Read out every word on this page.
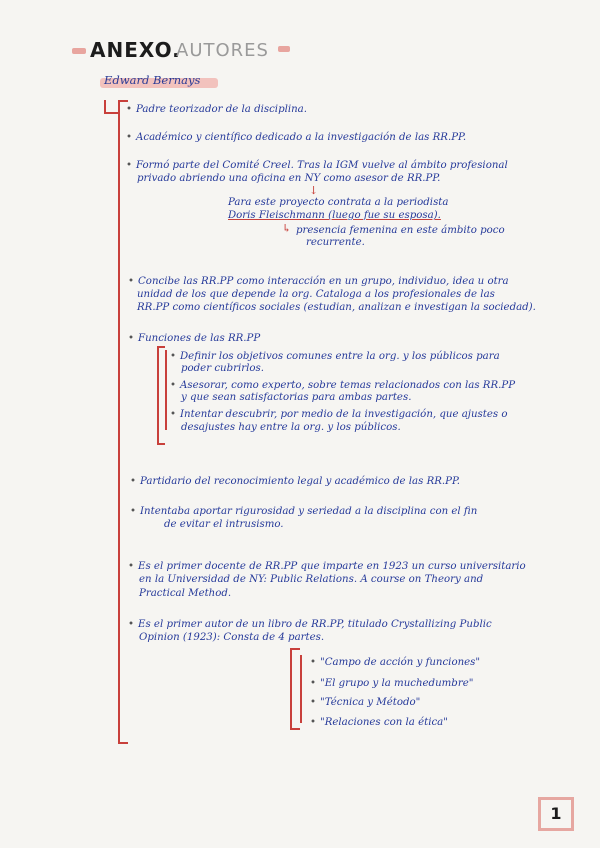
ANEXO.
AUTORES
Edward Bernays
• Padre teorizador de la disciplina.
• Académico y científico dedicado a la investigación de las RR.PP.
• Formó parte del Comité Creel. Tras la IGM vuelve al ámbito profesional
privado abriendo una oficina en NY como asesor de RR.PP.
↓
Para este proyecto contrata a la periodista
Doris Fleischmann (luego fue su esposa).
↳ presencia femenina en este ámbito poco
recurrente.
• Concibe las RR.PP como interacción en un grupo, individuo, idea u otra
unidad de los que depende la org. Cataloga a los profesionales de las
RR.PP como científicos sociales (estudian, analizan e investigan la sociedad).
• Funciones de las RR.PP
• Definir los objetivos comunes entre la org. y los públicos para
poder cubrirlos.
• Asesorar, como experto, sobre temas relacionados con las RR.PP
y que sean satisfactorias para ambas partes.
• Intentar descubrir, por medio de la investigación, que ajustes o
desajustes hay entre la org. y los públicos.
• Partidario del reconocimiento legal y académico de las RR.PP.
• Intentaba aportar rigurosidad y seriedad a la disciplina con el fin
de evitar el intrusismo.
• Es el primer docente de RR.PP que imparte en 1923 un curso universitario
en la Universidad de NY: Public Relations. A course on Theory and
Practical Method.
• Es el primer autor de un libro de RR.PP, titulado Crystallizing Public
Opinion (1923): Consta de 4 partes.
• "Campo de acción y funciones"
• "El grupo y la muchedumbre"
• "Técnica y Método"
• "Relaciones con la ética"
1
